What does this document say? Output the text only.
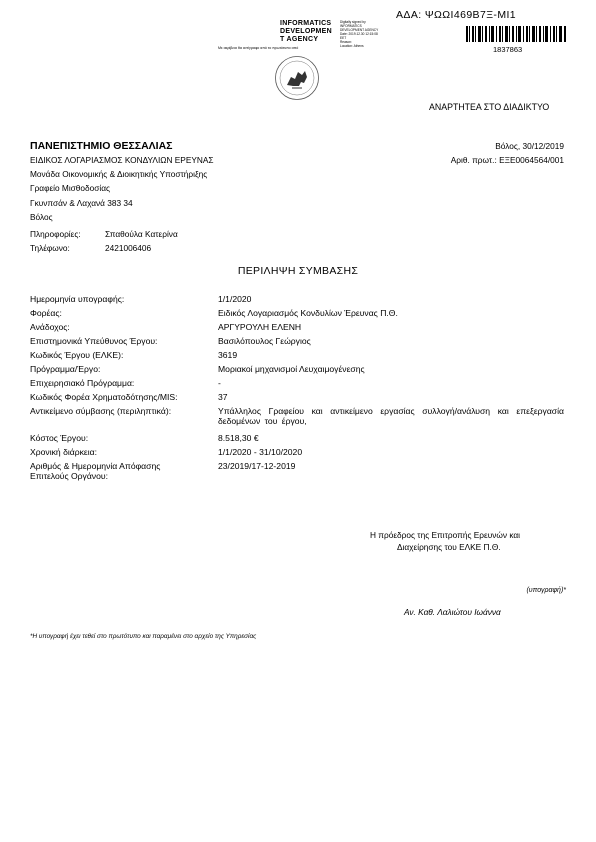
ΑΔΑ: ΨΩΩΙ469Β7Ξ-ΜΙ1
INFORMATICS
DEVELOPMEN
T AGENCY
Digitally signed by
INFORMATICS
DEVELOPMENT AGENCY
Date: 2019.12.30 12:15:08
EET
Reason:
Location: Athens
Με ακρίβεια θα αντίγραφο από το πρωτότυπο από	1837863
ΑΝΑΡΤΗΤΕΑ ΣΤΟ ΔΙΑΔΙΚΤΥΟ
ΠΑΝΕΠΙΣΤΗΜΙΟ ΘΕΣΣΑΛΙΑΣ
ΕΙΔΙΚΟΣ ΛΟΓΑΡΙΑΣΜΟΣ ΚΟΝΔΥΛΙΩΝ ΕΡΕΥΝΑΣ
Μονάδα Οικονομικής & Διοικητικής Υποστήριξης
Γραφείο Μισθοδοσίας
Γκυνπσάν & Λαχανά 383 34
Βόλος
Πληροφορίες:	Σπαθούλα Κατερίνα
Τηλέφωνο:	24210064​06
Βόλος, 30/12/2019
Αριθ. πρωτ.: ΕΞΕ0064564/001
ΠΕΡΙΛΗΨΗ ΣΥΜΒΑΣΗΣ
Ημερομηνία υπογραφής:	1/1/2020
Φορέας:	Ειδικός Λογαριασμός Κονδυλίων Έρευνας Π.Θ.
Ανάδοχος:	ΑΡΓΥΡΟΥΛΗ ΕΛΕΝΗ
Επιστημονικά Υπεύθυνος Έργου:	Βασιλόπουλος Γεώργιος
Κωδικός Έργου (ΕΛΚΕ):	3619
Πρόγραμμα/Έργο:	Μοριακοί μηχανισμοί Λευχαιμογένεσης
Επιχειρησιακό Πρόγραμμα:	-
Κωδικός Φορέα Χρηματοδότησης/MIS:	37
Αντικείμενο σύμβασης (περιληπτικά):	Υπάλληλος Γραφείου και αντικείμενο εργασίας συλλογή/ανάλυση και επεξεργασία δεδομένων του έργου,
Κόστος Έργου:	8.518,30 €
Χρονική διάρκεια:	1/1/2020 - 31/10/2020
Αριθμός & Ημερομηνία Απόφασης Επιτελούς Οργάνου:
23/2019/17-12-2019
Η πρόεδρος της Επιτροπής Ερευνών και
Διαχείρησης του ΕΛΚΕ Π.Θ.
(υπογραφή)*
Αν. Καθ. Λαλιώτου Ιωάννα
*Η υπογραφή έχει τεθεί στο πρωτότυπο και παραμένει στο αρχείο της Υπηρεσίας
